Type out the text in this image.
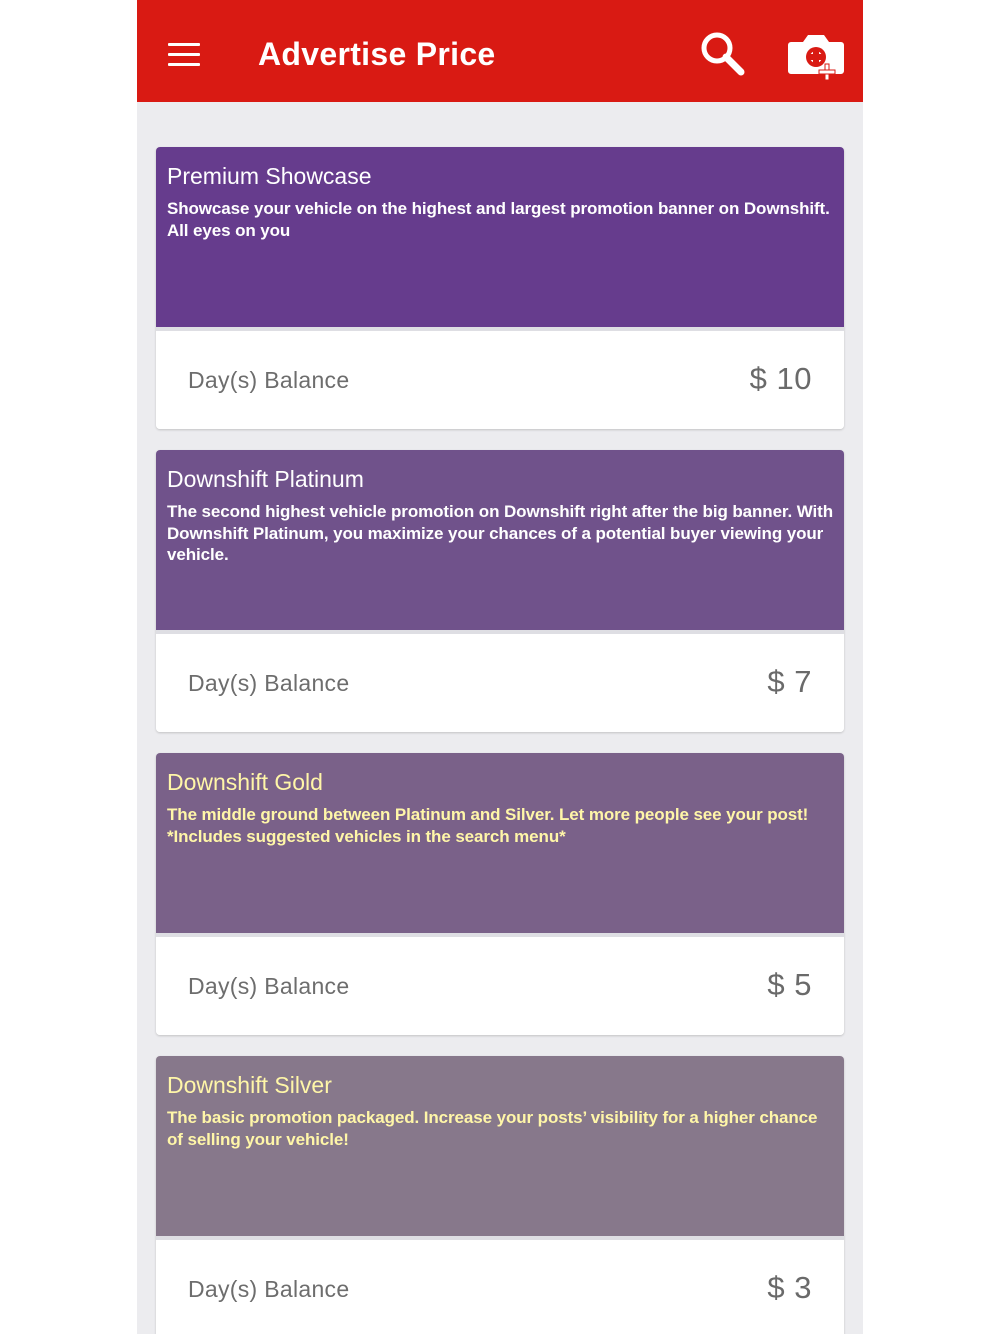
Advertise Price
Premium Showcase
Showcase your vehicle on the highest and largest promotion banner on Downshift. All eyes on you
Day(s) Balance	$ 10
Downshift Platinum
The second highest vehicle promotion on Downshift right after the big banner. With Downshift Platinum, you maximize your chances of a potential buyer viewing your vehicle.
Day(s) Balance	$ 7
Downshift Gold
The middle ground between Platinum and Silver. Let more people see your post! *Includes suggested vehicles in the search menu*
Day(s) Balance	$ 5
Downshift Silver
The basic promotion packaged. Increase your posts’ visibility for a higher chance of selling your vehicle!
Day(s) Balance	$ 3
